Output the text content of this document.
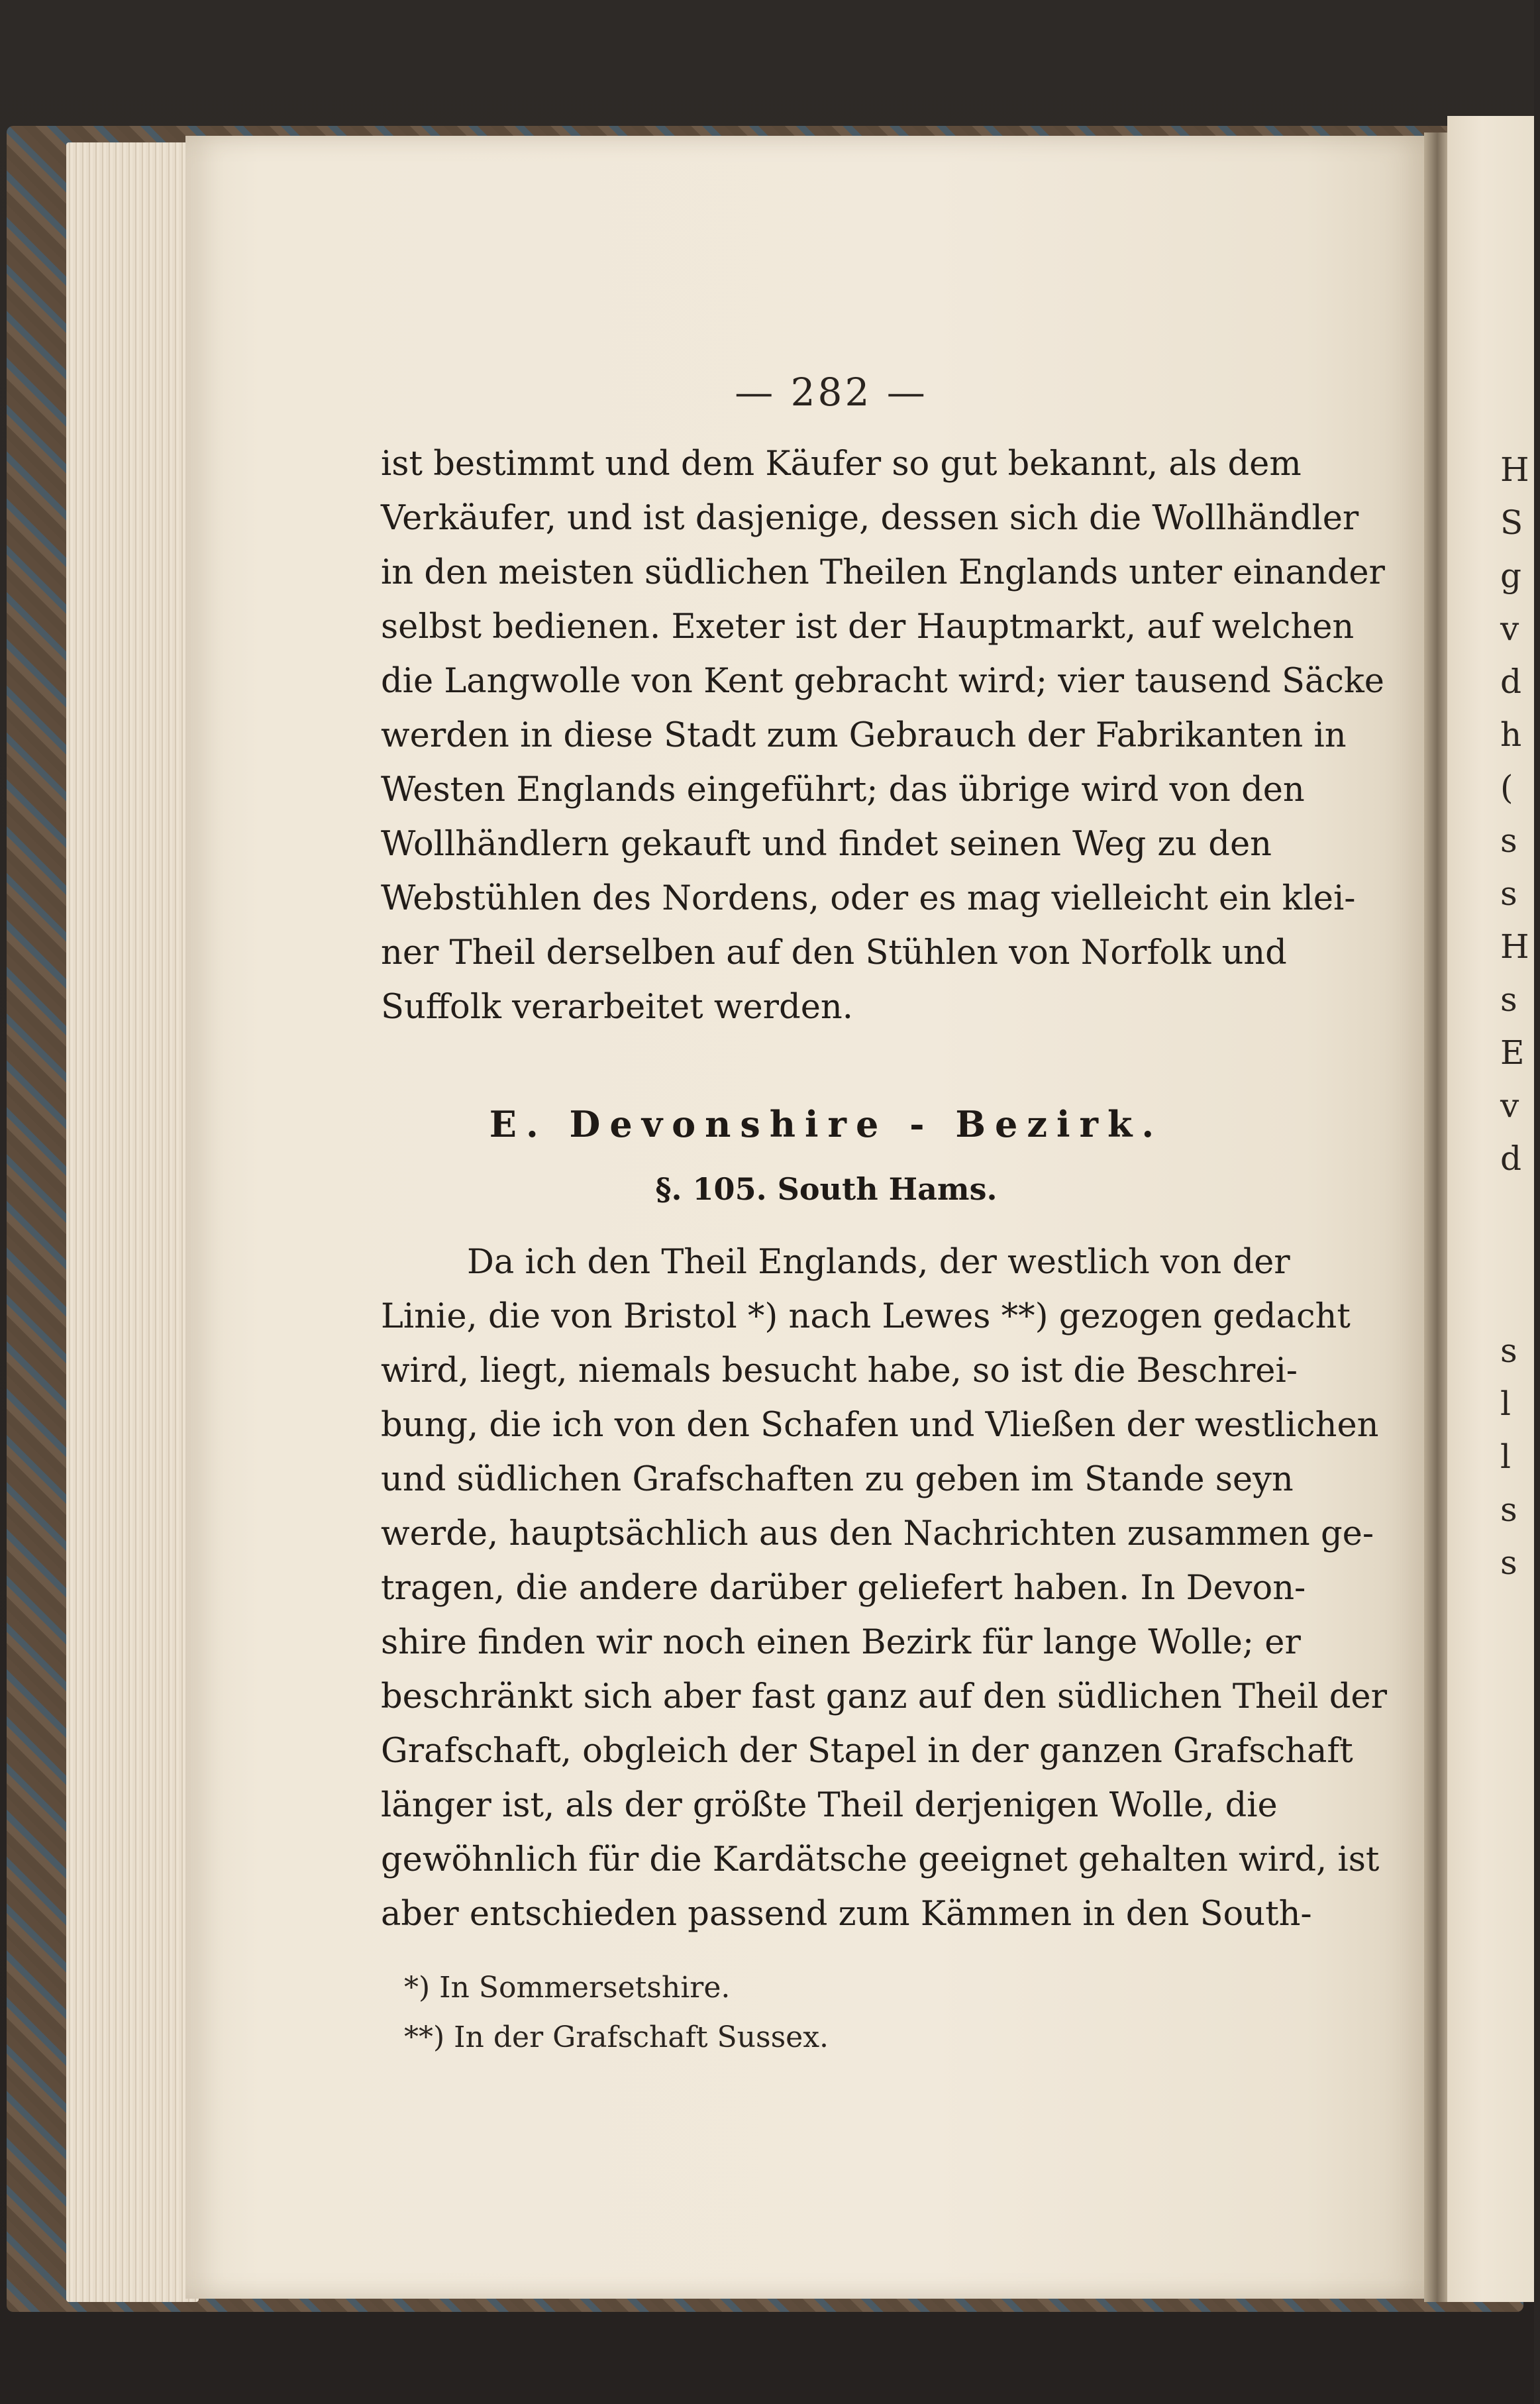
H
S
g
v
d
h
(
s
s
H
s
E
v
d
s
l
l
s
s
— 282 —
ist bestimmt und dem Käufer so gut bekannt, als dem
Verkäufer, und ist dasjenige, dessen sich die Wollhändler
in den meisten südlichen Theilen Englands unter einander
selbst bedienen. Exeter ist der Hauptmarkt, auf welchen
die Langwolle von Kent gebracht wird; vier tausend Säcke
werden in diese Stadt zum Gebrauch der Fabrikanten in
Westen Englands eingeführt; das übrige wird von den
Wollhändlern gekauft und findet seinen Weg zu den
Webstühlen des Nordens, oder es mag vielleicht ein klei-
ner Theil derselben auf den Stühlen von Norfolk und
Suffolk verarbeitet werden.
E. Devonshire - Bezirk.
§. 105. South Hams.
Da ich den Theil Englands, der westlich von der
Linie, die von Bristol *) nach Lewes **) gezogen gedacht
wird, liegt, niemals besucht habe, so ist die Beschrei-
bung, die ich von den Schafen und Vließen der westlichen
und südlichen Grafschaften zu geben im Stande seyn
werde, hauptsächlich aus den Nachrichten zusammen ge-
tragen, die andere darüber geliefert haben. In Devon-
shire finden wir noch einen Bezirk für lange Wolle; er
beschränkt sich aber fast ganz auf den südlichen Theil der
Grafschaft, obgleich der Stapel in der ganzen Grafschaft
länger ist, als der größte Theil derjenigen Wolle, die
gewöhnlich für die Kardätsche geeignet gehalten wird, ist
aber entschieden passend zum Kämmen in den South-
*) In Sommersetshire.
**) In der Grafschaft Sussex.
